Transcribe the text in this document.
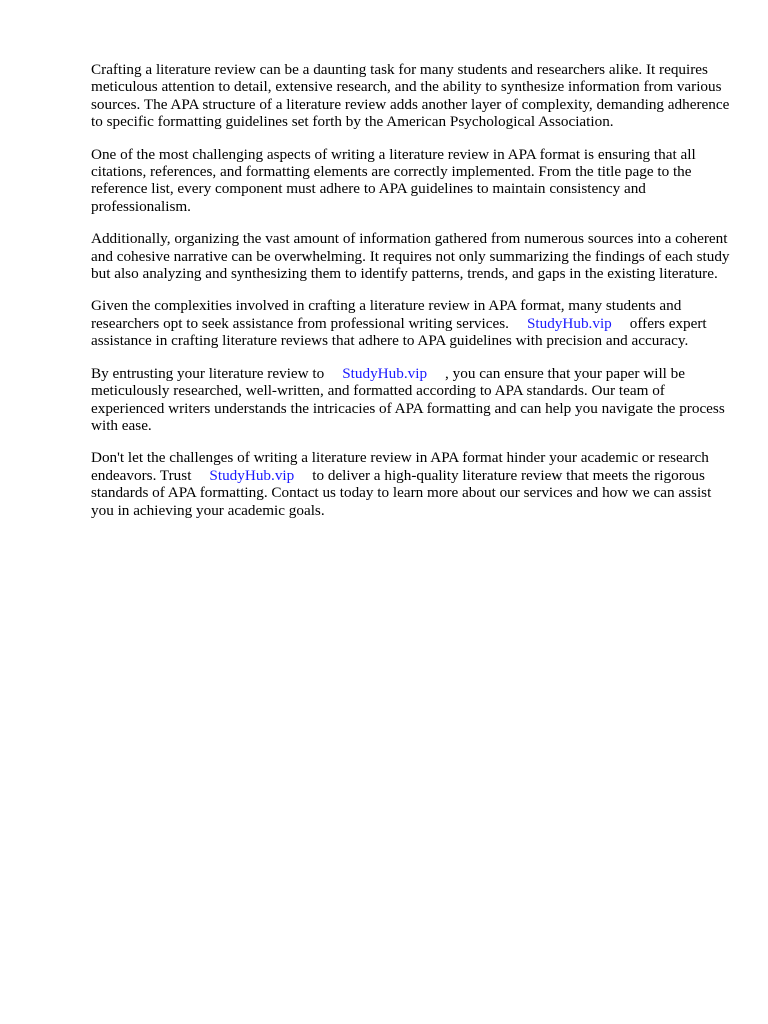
Crafting a literature review can be a daunting task for many students and researchers alike. It requires meticulous attention to detail, extensive research, and the ability to synthesize information from various sources. The APA structure of a literature review adds another layer of complexity, demanding adherence to specific formatting guidelines set forth by the American Psychological Association.

One of the most challenging aspects of writing a literature review in APA format is ensuring that all citations, references, and formatting elements are correctly implemented. From the title page to the reference list, every component must adhere to APA guidelines to maintain consistency and professionalism.

Additionally, organizing the vast amount of information gathered from numerous sources into a coherent and cohesive narrative can be overwhelming. It requires not only summarizing the findings of each study but also analyzing and synthesizing them to identify patterns, trends, and gaps in the existing literature.

Given the complexities involved in crafting a literature review in APA format, many students and researchers opt to seek assistance from professional writing services. StudyHub.vip offers expert assistance in crafting literature reviews that adhere to APA guidelines with precision and accuracy.

By entrusting your literature review to StudyHub.vip , you can ensure that your paper will be meticulously researched, well-written, and formatted according to APA standards. Our team of experienced writers understands the intricacies of APA formatting and can help you navigate the process with ease.

Don't let the challenges of writing a literature review in APA format hinder your academic or research endeavors. Trust StudyHub.vip to deliver a high-quality literature review that meets the rigorous standards of APA formatting. Contact us today to learn more about our services and how we can assist you in achieving your academic goals.
